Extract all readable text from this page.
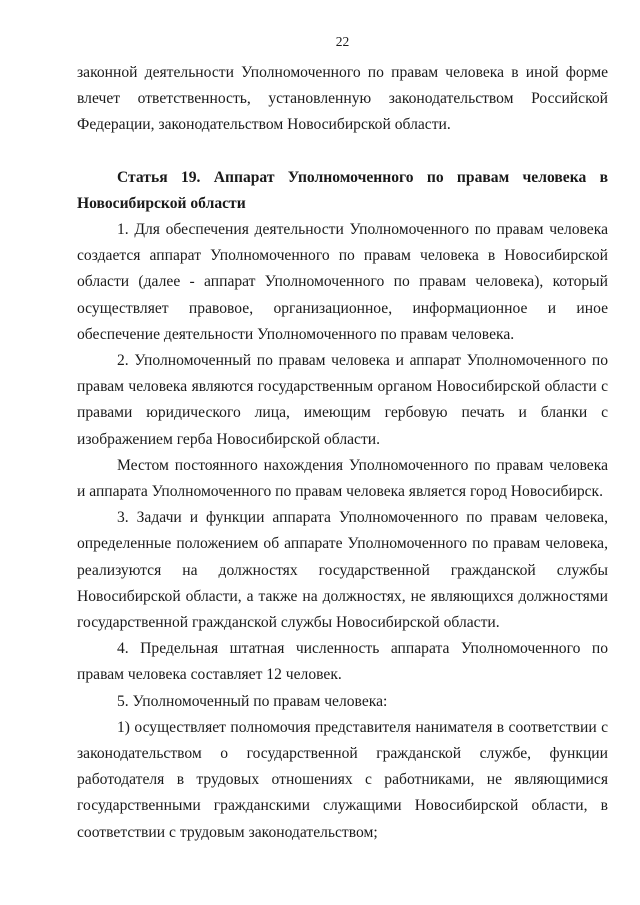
22

законной деятельности Уполномоченного по правам человека в иной форме влечет ответственность, установленную законодательством Российской Федерации, законодательством Новосибирской области.

Статья 19. Аппарат Уполномоченного по правам человека в Новосибирской области

1. Для обеспечения деятельности Уполномоченного по правам человека создается аппарат Уполномоченного по правам человека в Новосибирской области (далее - аппарат Уполномоченного по правам человека), который осуществляет правовое, организационное, информационное и иное обеспечение деятельности Уполномоченного по правам человека.

2. Уполномоченный по правам человека и аппарат Уполномоченного по правам человека являются государственным органом Новосибирской области с правами юридического лица, имеющим гербовую печать и бланки с изображением герба Новосибирской области.

Местом постоянного нахождения Уполномоченного по правам человека и аппарата Уполномоченного по правам человека является город Новосибирск.

3. Задачи и функции аппарата Уполномоченного по правам человека, определенные положением об аппарате Уполномоченного по правам человека, реализуются на должностях государственной гражданской службы Новосибирской области, а также на должностях, не являющихся должностями государственной гражданской службы Новосибирской области.

4. Предельная штатная численность аппарата Уполномоченного по правам человека составляет 12 человек.

5. Уполномоченный по правам человека:

1) осуществляет полномочия представителя нанимателя в соответствии с законодательством о государственной гражданской службе, функции работодателя в трудовых отношениях с работниками, не являющимися государственными гражданскими служащими Новосибирской области, в соответствии с трудовым законодательством;
